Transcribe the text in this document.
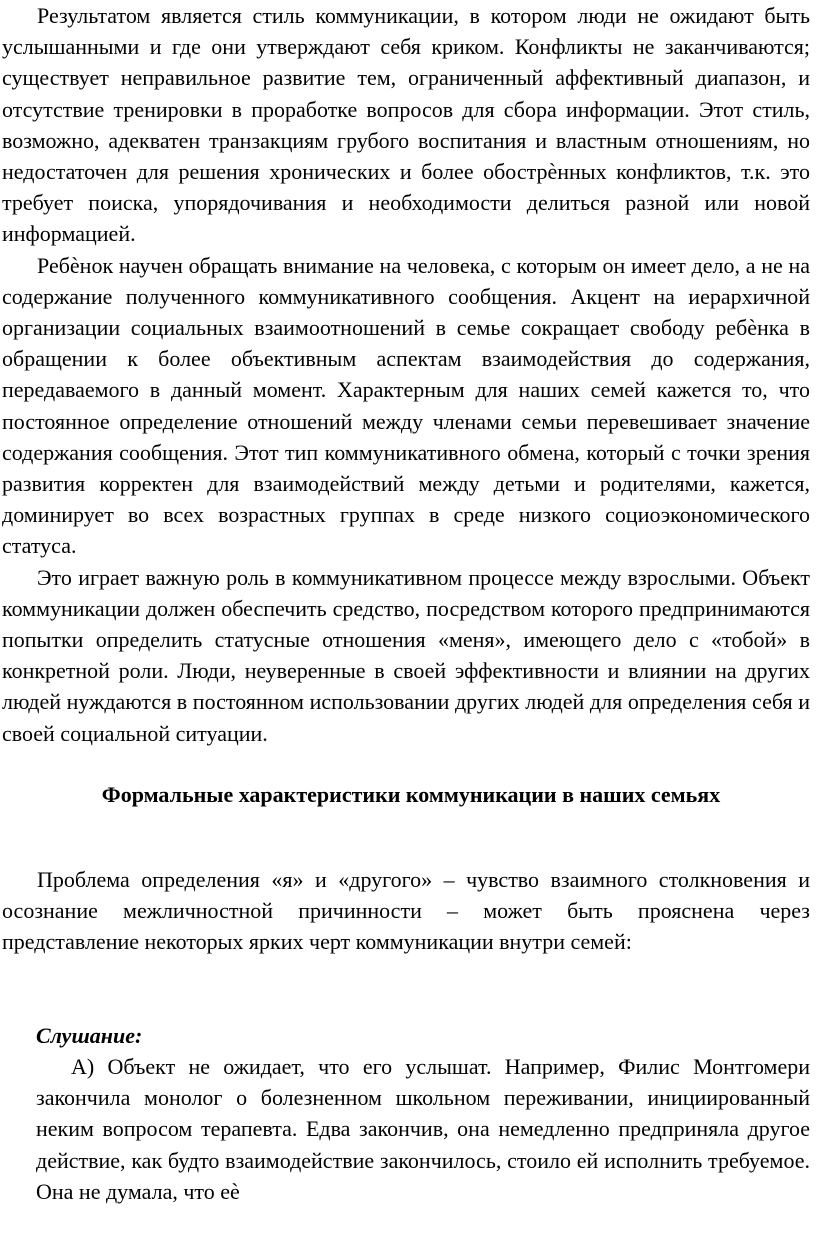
Результатом является стиль коммуникации, в котором люди не ожидают быть услышанными и где они утверждают себя криком. Конфликты не заканчиваются; существует неправильное развитие тем, ограниченный аффективный диапазон, и отсутствие тренировки в проработке вопросов для сбора информации. Этот стиль, возможно, адекватен транзакциям грубого воспитания и властным отношениям, но недостаточен для решения хронических и более обострѐнных конфликтов, т.к. это требует поиска, упорядочивания и необходимости делиться разной или новой информацией.

Ребѐнок научен обращать внимание на человека, с которым он имеет дело, а не на содержание полученного коммуникативного сообщения. Акцент на иерархичной организации социальных взаимоотношений в семье сокращает свободу ребѐнка в обращении к более объективным аспектам взаимодействия до содержания, передаваемого в данный момент. Характерным для наших семей кажется то, что постоянное определение отношений между членами семьи перевешивает значение содержания сообщения. Этот тип коммуникативного обмена, который с точки зрения развития корректен для взаимодействий между детьми и родителями, кажется, доминирует во всех возрастных группах в среде низкого социоэкономического статуса.

Это играет важную роль в коммуникативном процессе между взрослыми. Объект коммуникации должен обеспечить средство, посредством которого предпринимаются попытки определить статусные отношения «меня», имеющего дело с «тобой» в конкретной роли. Люди, неуверенные в своей эффективности и влиянии на других людей нуждаются в постоянном использовании других людей для определения себя и своей социальной ситуации.

Формальные характеристики коммуникации в наших семьях

Проблема определения «я» и «другого» – чувство взаимного столкновения и осознание межличностной причинности – может быть прояснена через представление некоторых ярких черт коммуникации внутри семей:

Слушание:

А) Объект не ожидает, что его услышат. Например, Филис Монтгомери закончила монолог о болезненном школьном переживании, инициированный неким вопросом терапевта. Едва закончив, она немедленно предприняла другое действие, как будто взаимодействие закончилось, стоило ей исполнить требуемое. Она не думала, что еѐ
